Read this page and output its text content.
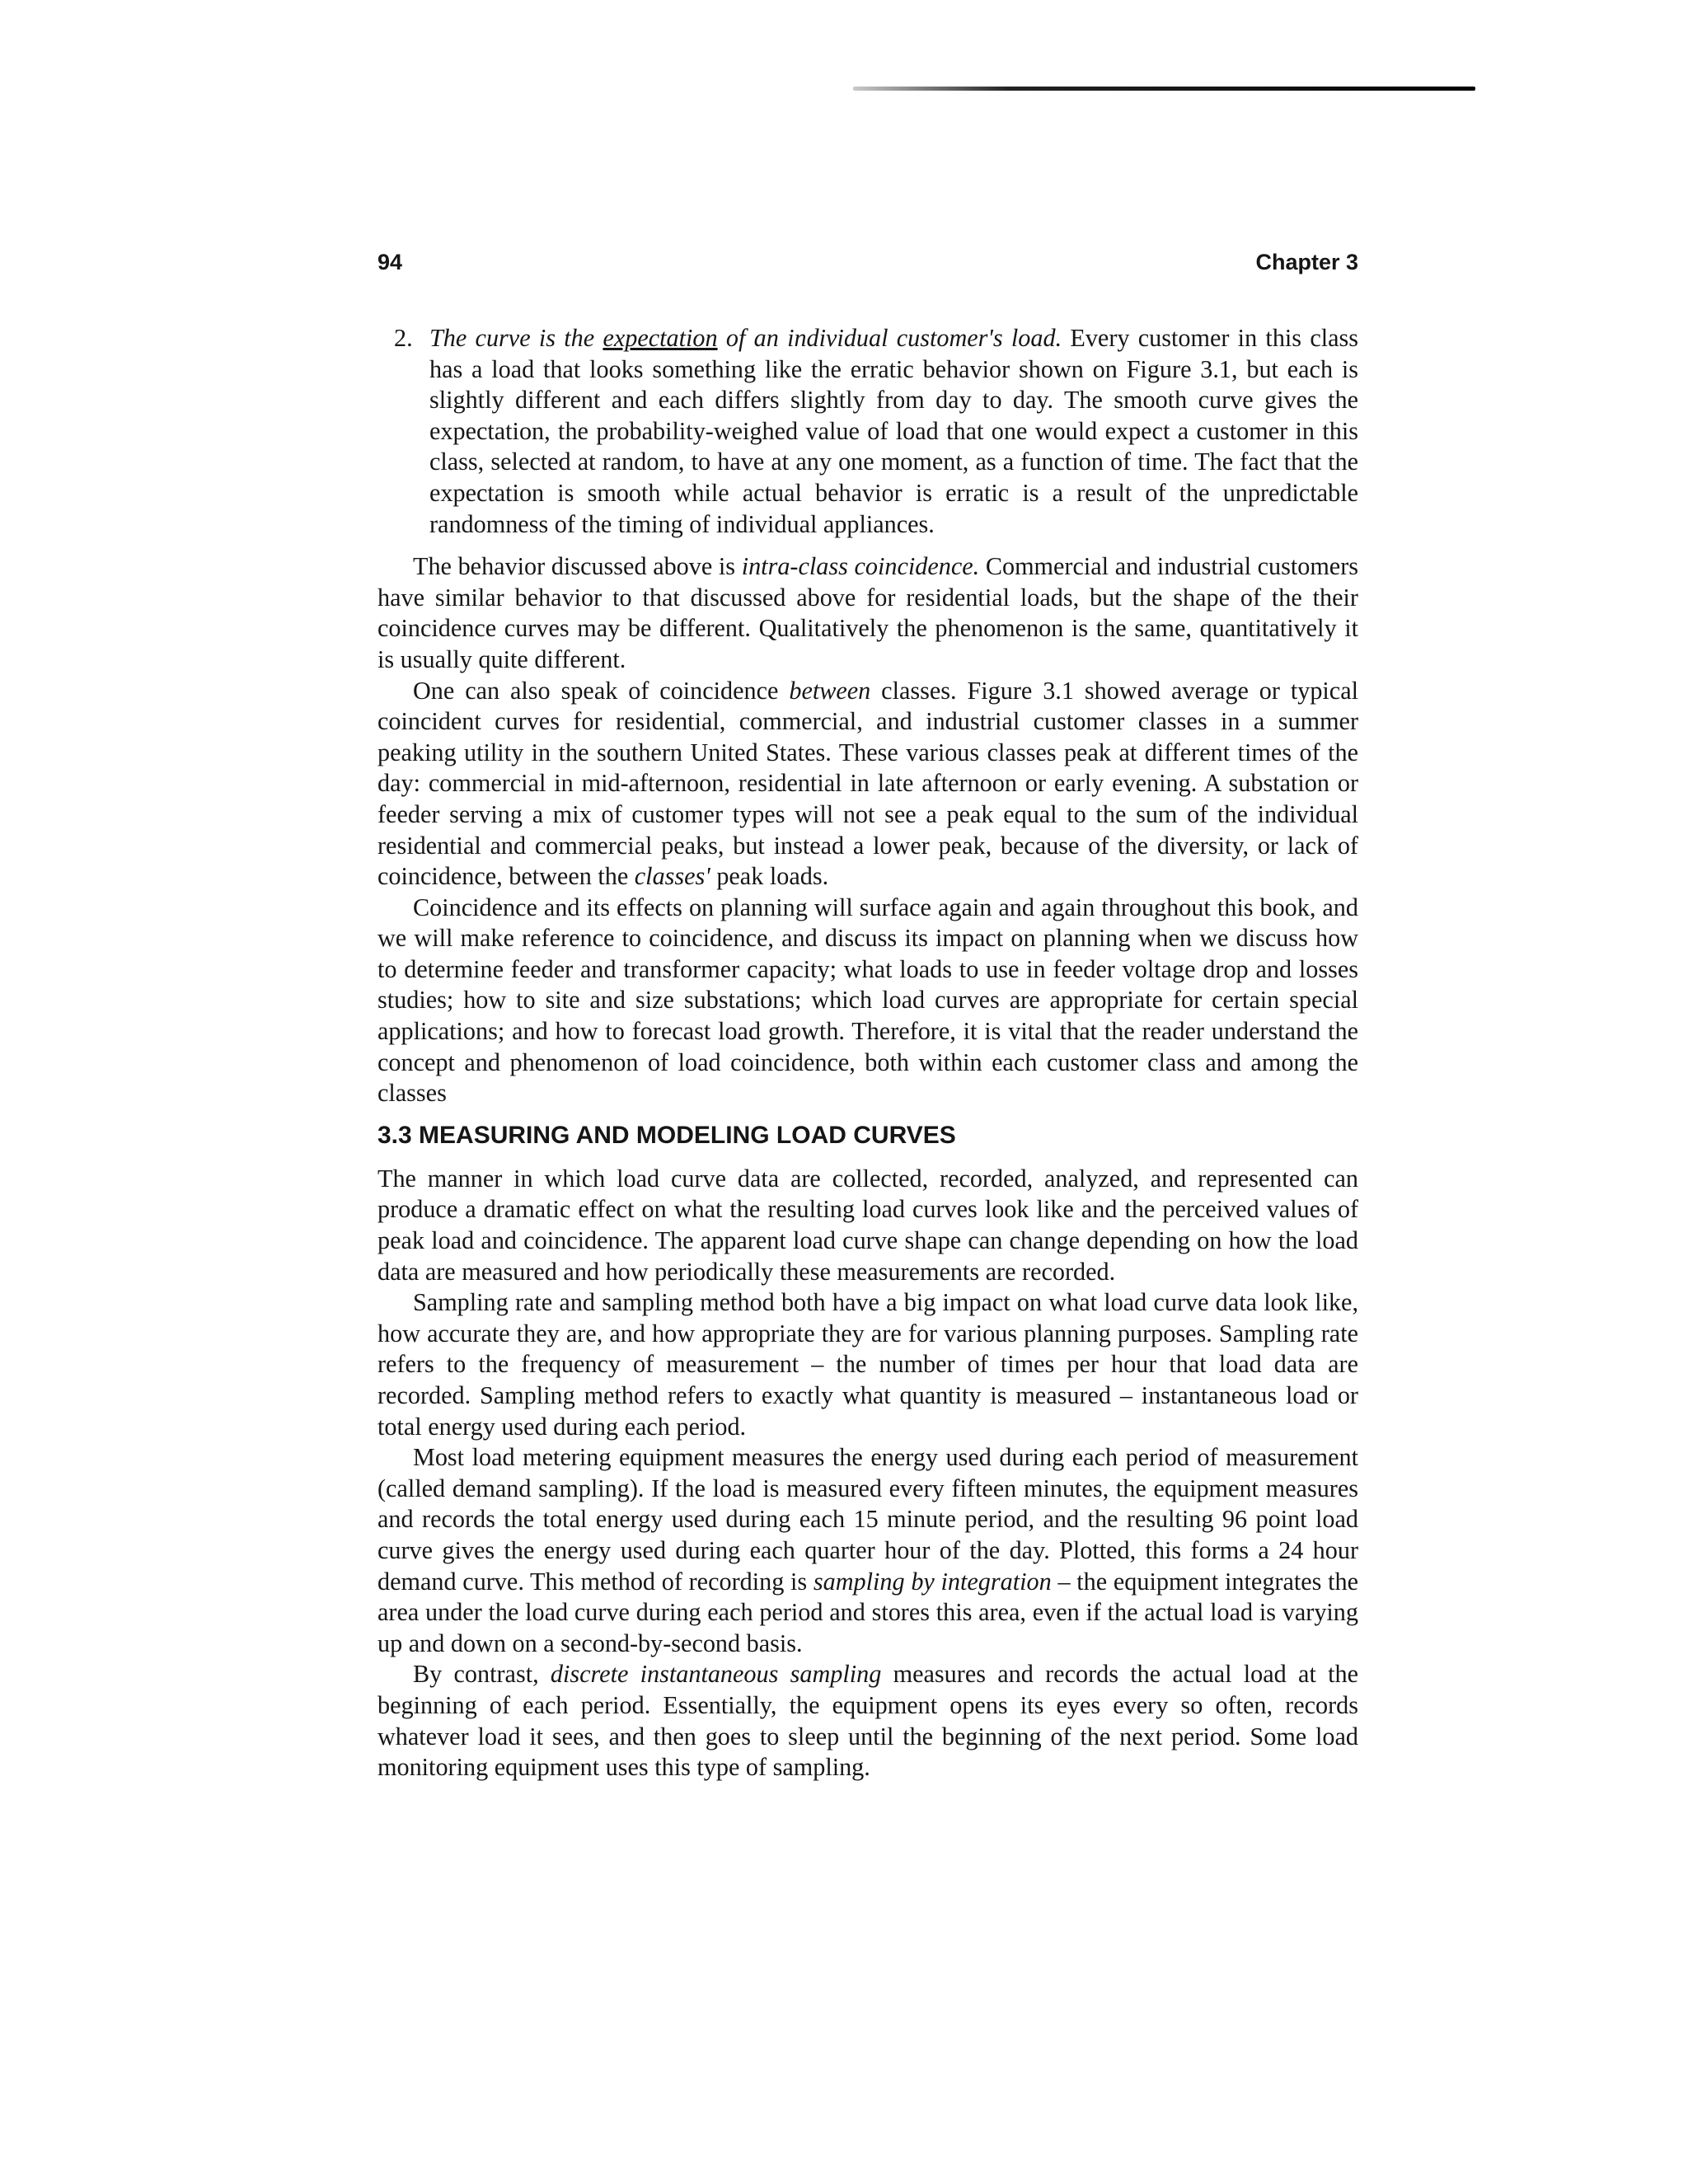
94	Chapter 3
2. The curve is the expectation of an individual customer's load. Every customer in this class has a load that looks something like the erratic behavior shown on Figure 3.1, but each is slightly different and each differs slightly from day to day. The smooth curve gives the expectation, the probability-weighed value of load that one would expect a customer in this class, selected at random, to have at any one moment, as a function of time. The fact that the expectation is smooth while actual behavior is erratic is a result of the unpredictable randomness of the timing of individual appliances.

The behavior discussed above is intra-class coincidence. Commercial and industrial customers have similar behavior to that discussed above for residential loads, but the shape of the their coincidence curves may be different. Qualitatively the phenomenon is the same, quantitatively it is usually quite different.

One can also speak of coincidence between classes. Figure 3.1 showed average or typical coincident curves for residential, commercial, and industrial customer classes in a summer peaking utility in the southern United States. These various classes peak at different times of the day: commercial in mid-afternoon, residential in late afternoon or early evening. A substation or feeder serving a mix of customer types will not see a peak equal to the sum of the individual residential and commercial peaks, but instead a lower peak, because of the diversity, or lack of coincidence, between the classes' peak loads.

Coincidence and its effects on planning will surface again and again throughout this book, and we will make reference to coincidence, and discuss its impact on planning when we discuss how to determine feeder and transformer capacity; what loads to use in feeder voltage drop and losses studies; how to site and size substations; which load curves are appropriate for certain special applications; and how to forecast load growth. Therefore, it is vital that the reader understand the concept and phenomenon of load coincidence, both within each customer class and among the classes

3.3 MEASURING AND MODELING LOAD CURVES

The manner in which load curve data are collected, recorded, analyzed, and represented can produce a dramatic effect on what the resulting load curves look like and the perceived values of peak load and coincidence. The apparent load curve shape can change depending on how the load data are measured and how periodically these measurements are recorded.

Sampling rate and sampling method both have a big impact on what load curve data look like, how accurate they are, and how appropriate they are for various planning purposes. Sampling rate refers to the frequency of measurement – the number of times per hour that load data are recorded. Sampling method refers to exactly what quantity is measured – instantaneous load or total energy used during each period.

Most load metering equipment measures the energy used during each period of measurement (called demand sampling). If the load is measured every fifteen minutes, the equipment measures and records the total energy used during each 15 minute period, and the resulting 96 point load curve gives the energy used during each quarter hour of the day. Plotted, this forms a 24 hour demand curve. This method of recording is sampling by integration – the equipment integrates the area under the load curve during each period and stores this area, even if the actual load is varying up and down on a second-by-second basis.

By contrast, discrete instantaneous sampling measures and records the actual load at the beginning of each period. Essentially, the equipment opens its eyes every so often, records whatever load it sees, and then goes to sleep until the beginning of the next period. Some load monitoring equipment uses this type of sampling.
